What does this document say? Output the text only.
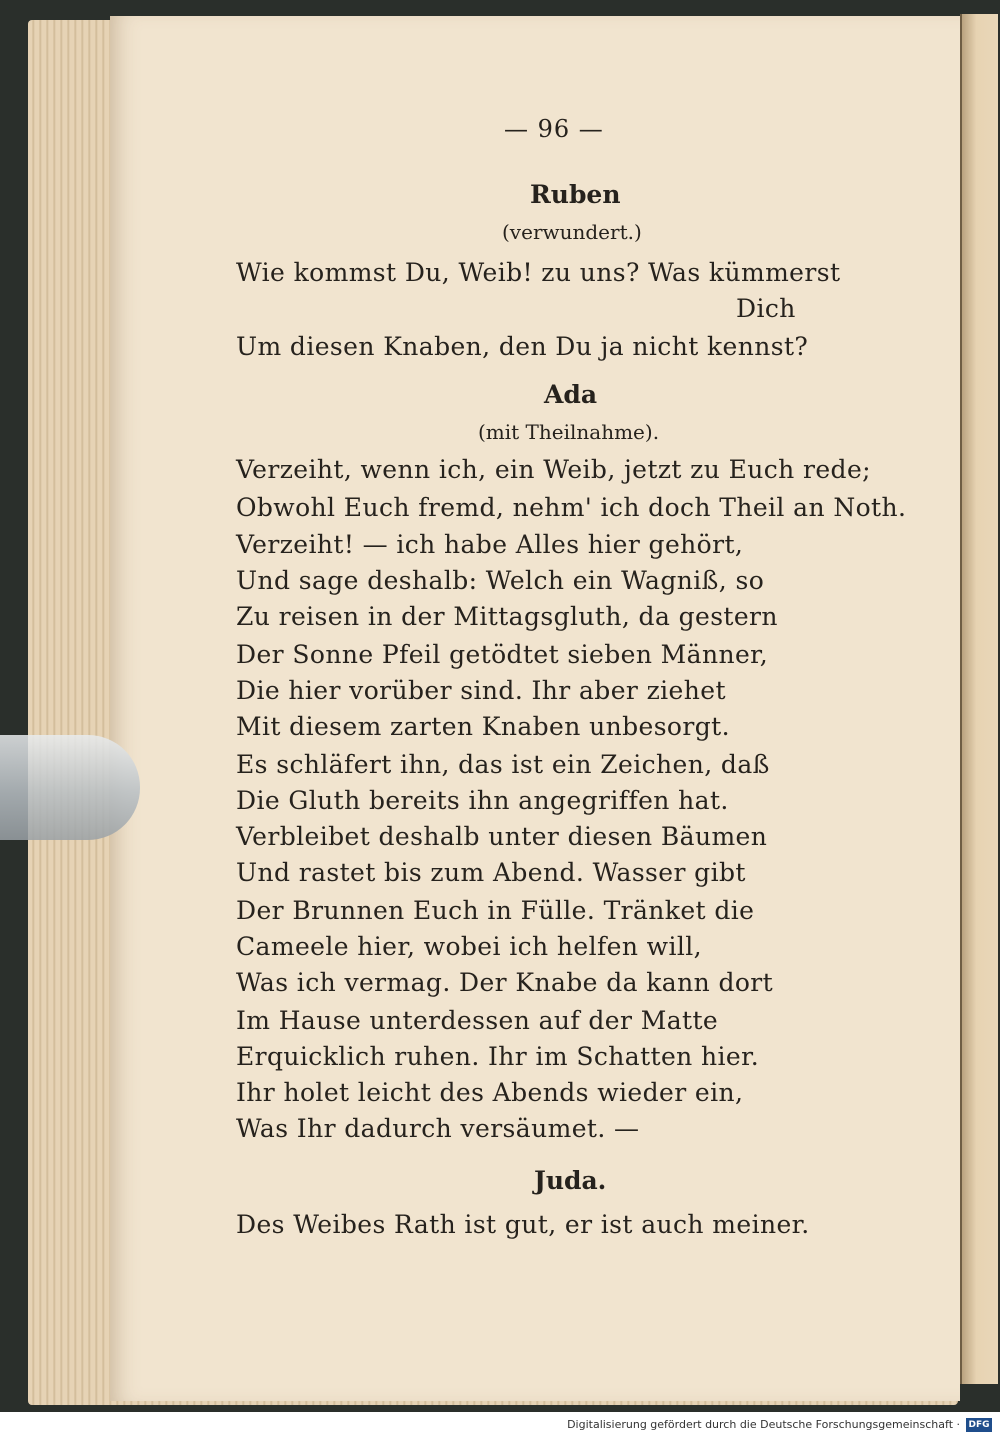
— 96 —
Ruben
(verwundert.)
Wie kommst Du, Weib! zu uns? Was kümmerst
Dich
Um diesen Knaben, den Du ja nicht kennst?
Ada
(mit Theilnahme).
Verzeiht, wenn ich, ein Weib, jetzt zu Euch rede;
Obwohl Euch fremd, nehm' ich doch Theil an Noth.
Verzeiht! — ich habe Alles hier gehört,
Und sage deshalb: Welch ein Wagniß, so
Zu reisen in der Mittagsgluth, da gestern
Der Sonne Pfeil getödtet sieben Männer,
Die hier vorüber sind. Ihr aber ziehet
Mit diesem zarten Knaben unbesorgt.
Es schläfert ihn, das ist ein Zeichen, daß
Die Gluth bereits ihn angegriffen hat.
Verbleibet deshalb unter diesen Bäumen
Und rastet bis zum Abend. Wasser gibt
Der Brunnen Euch in Fülle. Tränket die
Cameele hier, wobei ich helfen will,
Was ich vermag. Der Knabe da kann dort
Im Hause unterdessen auf der Matte
Erquicklich ruhen. Ihr im Schatten hier.
Ihr holet leicht des Abends wieder ein,
Was Ihr dadurch versäumet. —
Juda.
Des Weibes Rath ist gut, er ist auch meiner.
Digitalisierung gefördert durch die Deutsche Forschungsgemeinschaft · DFG
